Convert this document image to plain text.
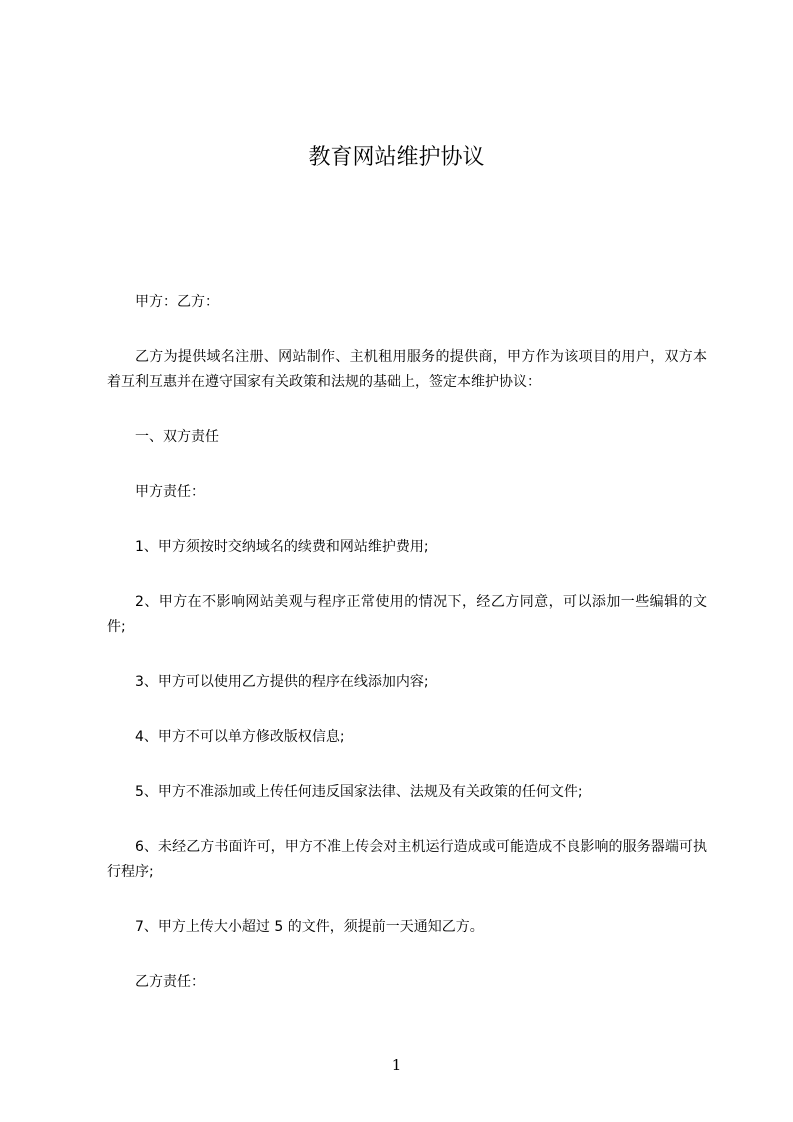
教育网站维护协议

甲方：乙方：

乙方为提供域名注册、网站制作、主机租用服务的提供商，甲方作为该项目的用户，双方本着互利互惠并在遵守国家有关政策和法规的基础上，签定本维护协议：

一、双方责任

甲方责任：

1、甲方须按时交纳域名的续费和网站维护费用;

2、甲方在不影响网站美观与程序正常使用的情况下，经乙方同意，可以添加一些编辑的文件;

3、甲方可以使用乙方提供的程序在线添加内容;

4、甲方不可以单方修改版权信息;

5、甲方不准添加或上传任何违反国家法律、法规及有关政策的任何文件;

6、未经乙方书面许可，甲方不准上传会对主机运行造成或可能造成不良影响的服务器端可执行程序;

7、甲方上传大小超过 5 的文件，须提前一天通知乙方。

乙方责任：

1
